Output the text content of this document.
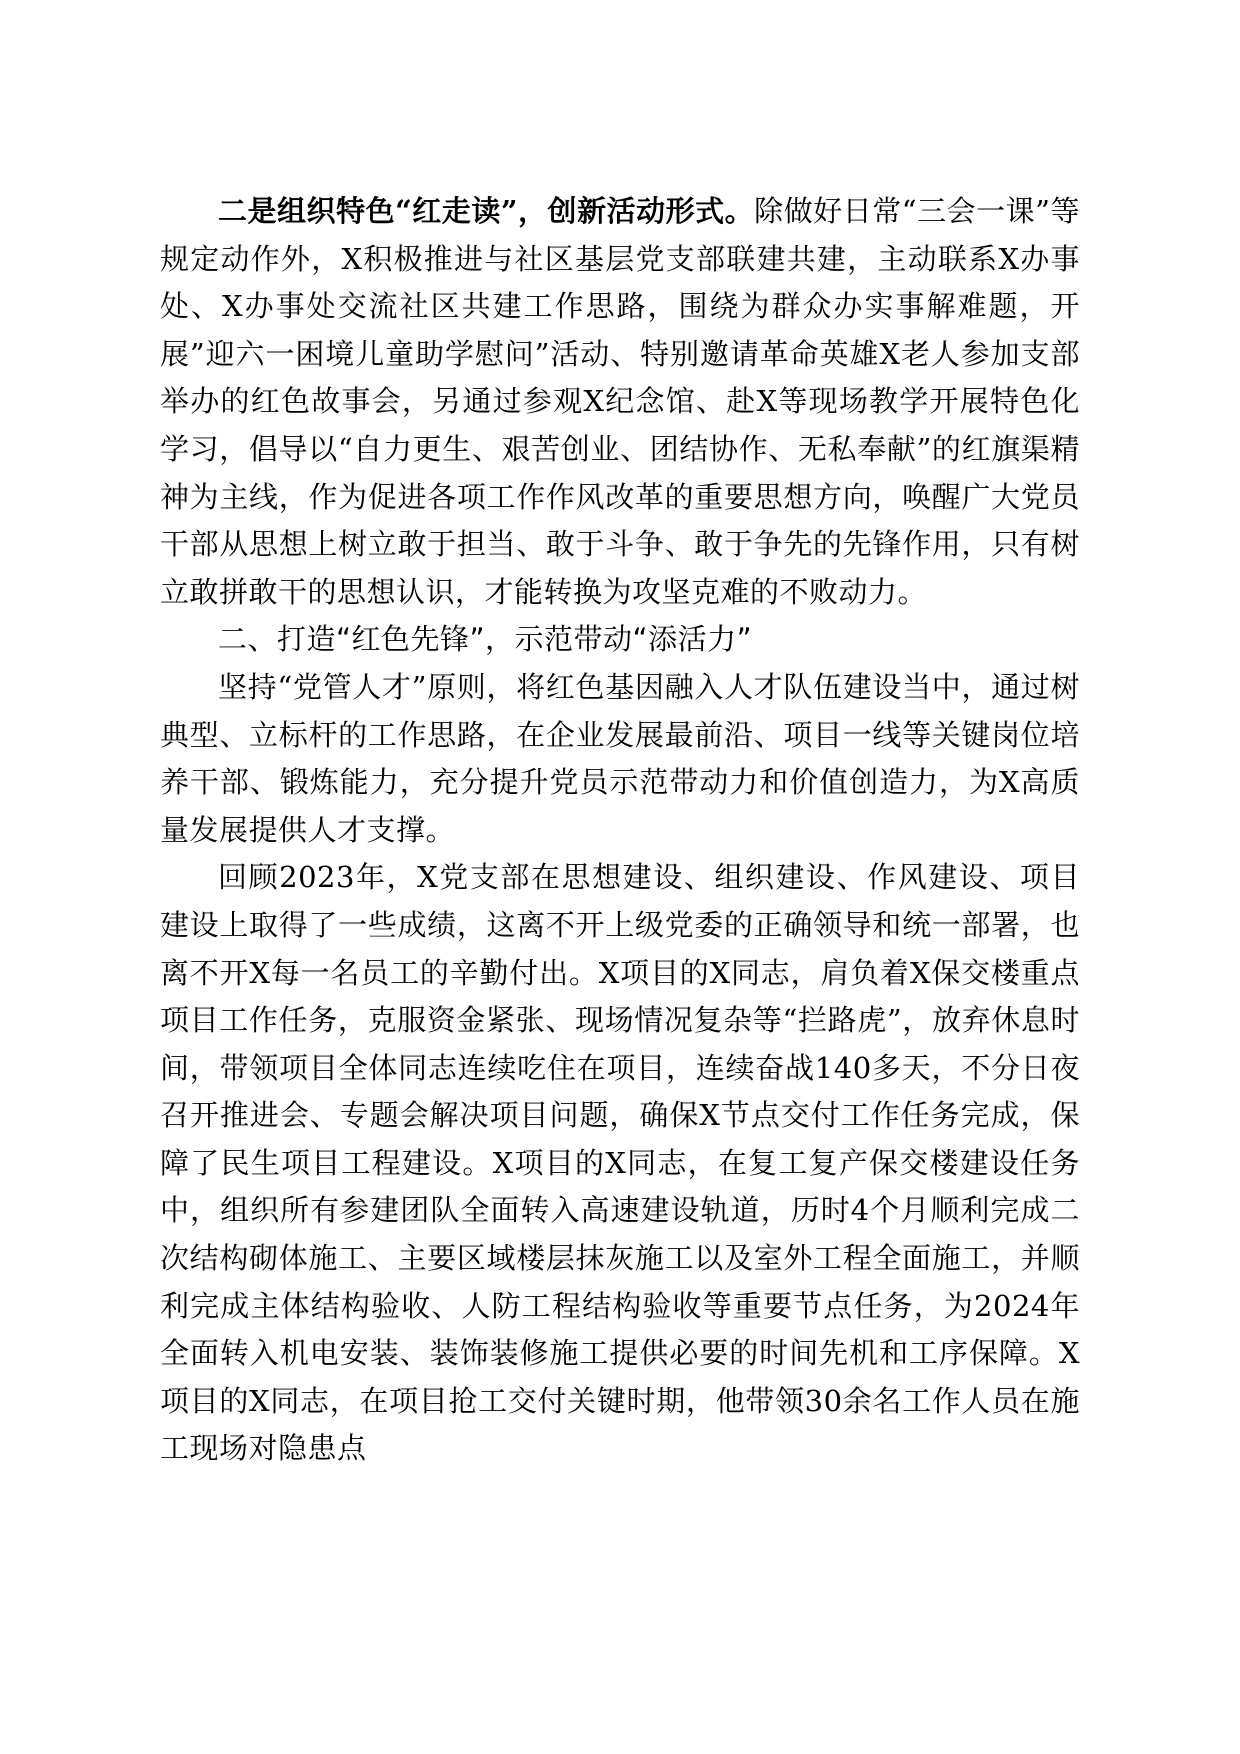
二是组织特色“红走读”，创新活动形式。除做好日常“三会一课”等规定动作外，X积极推进与社区基层党支部联建共建，主动联系X办事处、X办事处交流社区共建工作思路，围绕为群众办实事解难题，开展”迎六一困境儿童助学慰问”活动、特别邀请革命英雄X老人参加支部举办的红色故事会，另通过参观X纪念馆、赴X等现场教学开展特色化学习，倡导以“自力更生、艰苦创业、团结协作、无私奉献”的红旗渠精神为主线，作为促进各项工作作风改革的重要思想方向，唤醒广大党员干部从思想上树立敢于担当、敢于斗争、敢于争先的先锋作用，只有树立敢拼敢干的思想认识，才能转换为攻坚克难的不败动力。

二、打造“红色先锋”，示范带动“添活力”

坚持“党管人才”原则，将红色基因融入人才队伍建设当中，通过树典型、立标杆的工作思路，在企业发展最前沿、项目一线等关键岗位培养干部、锻炼能力，充分提升党员示范带动力和价值创造力，为X高质量发展提供人才支撑。

回顾2023年，X党支部在思想建设、组织建设、作风建设、项目建设上取得了一些成绩，这离不开上级党委的正确领导和统一部署，也离不开X每一名员工的辛勤付出。X项目的X同志，肩负着X保交楼重点项目工作任务，克服资金紧张、现场情况复杂等“拦路虎”，放弃休息时间，带领项目全体同志连续吃住在项目，连续奋战140多天，不分日夜召开推进会、专题会解决项目问题，确保X节点交付工作任务完成，保障了民生项目工程建设。X项目的X同志，在复工复产保交楼建设任务中，组织所有参建团队全面转入高速建设轨道，历时4个月顺利完成二次结构砌体施工、主要区域楼层抹灰施工以及室外工程全面施工，并顺利完成主体结构验收、人防工程结构验收等重要节点任务，为2024年全面转入机电安装、装饰装修施工提供必要的时间先机和工序保障。X项目的X同志，在项目抢工交付关键时期，他带领30余名工作人员在施工现场对隐患点
